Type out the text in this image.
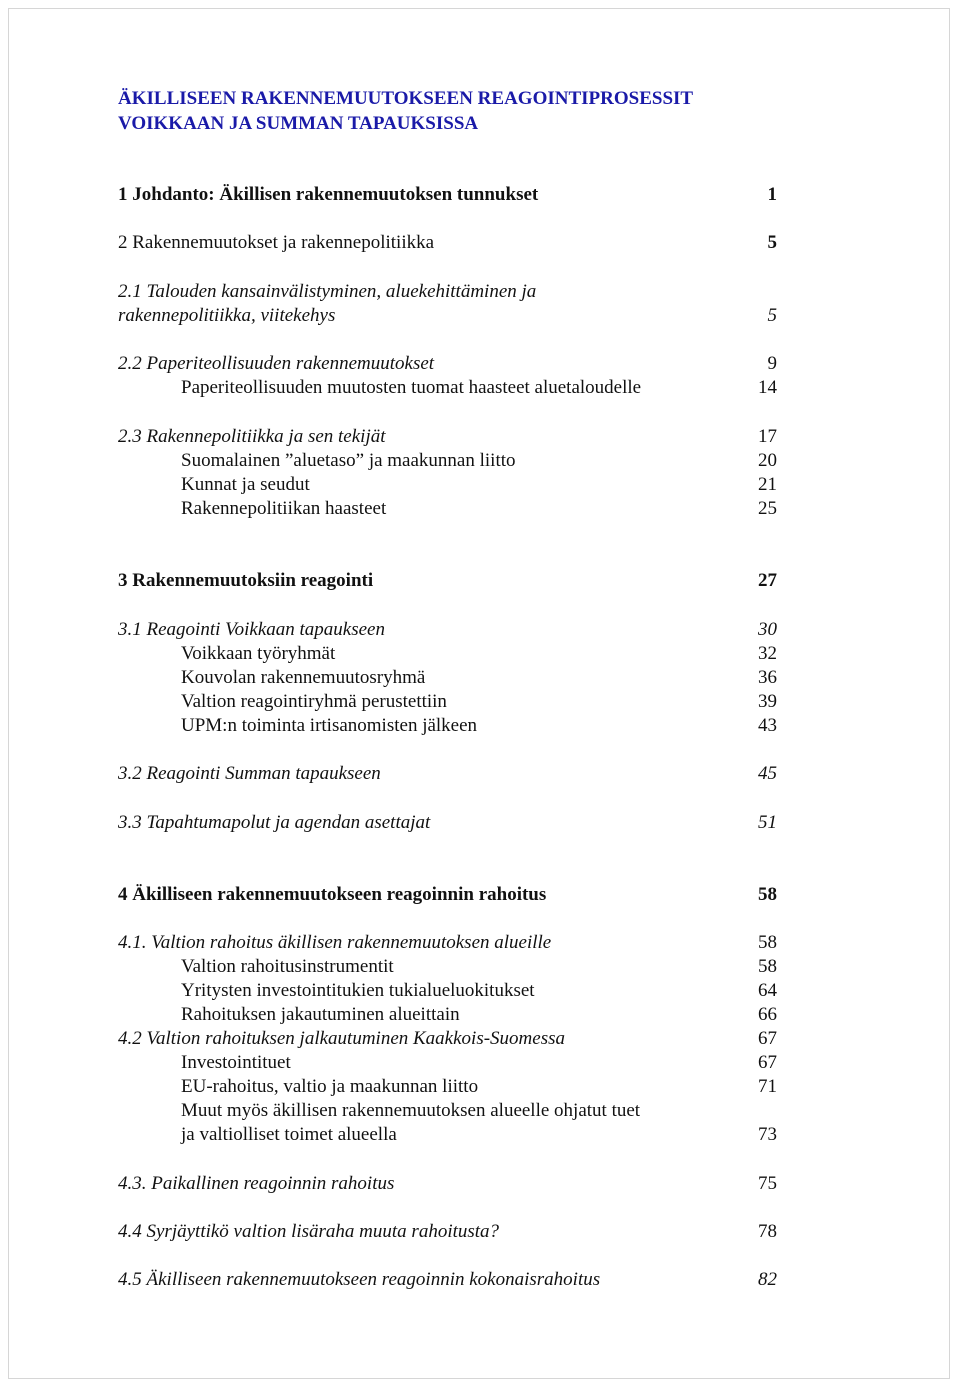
ÄKILLISEEN RAKENNEMUUTOKSEEN REAGOINTIPROSESSIT
VOIKKAAN JA SUMMAN TAPAUKSISSA
1 Johdanto: Äkillisen rakennemuutoksen tunnukset	1
2 Rakennemuutokset ja rakennepolitiikka	5
2.1 Talouden kansainvälistyminen, aluekehittäminen ja
rakennepolitiikka, viitekehys	5
2.2 Paperiteollisuuden rakennemuutokset	9
Paperiteollisuuden muutosten tuomat haasteet aluetaloudelle	14
2.3 Rakennepolitiikka ja sen tekijät	17
Suomalainen ”aluetaso” ja maakunnan liitto	20
Kunnat ja seudut	21
Rakennepolitiikan haasteet	25
3 Rakennemuutoksiin reagointi	27
3.1 Reagointi Voikkaan tapaukseen	30
Voikkaan työryhmät	32
Kouvolan rakennemuutosryhmä	36
Valtion reagointiryhmä perustettiin	39
UPM:n toiminta irtisanomisten jälkeen	43
3.2 Reagointi Summan tapaukseen	45
3.3 Tapahtumapolut ja agendan asettajat	51
4 Äkilliseen rakennemuutokseen reagoinnin rahoitus	58
4.1. Valtion rahoitus äkillisen rakennemuutoksen alueille	58
Valtion rahoitusinstrumentit	58
Yritysten investointitukien tukialueluokitukset	64
Rahoituksen jakautuminen alueittain	66
4.2 Valtion rahoituksen jalkautuminen Kaakkois-Suomessa	67
Investointituet	67
EU-rahoitus, valtio ja maakunnan liitto	71
Muut myös äkillisen rakennemuutoksen alueelle ohjatut tuet
ja valtiolliset toimet alueella	73
4.3. Paikallinen reagoinnin rahoitus	75
4.4 Syrjäyttikö valtion lisäraha muuta rahoitusta?	78
4.5 Äkilliseen rakennemuutokseen reagoinnin kokonaisrahoitus	82
